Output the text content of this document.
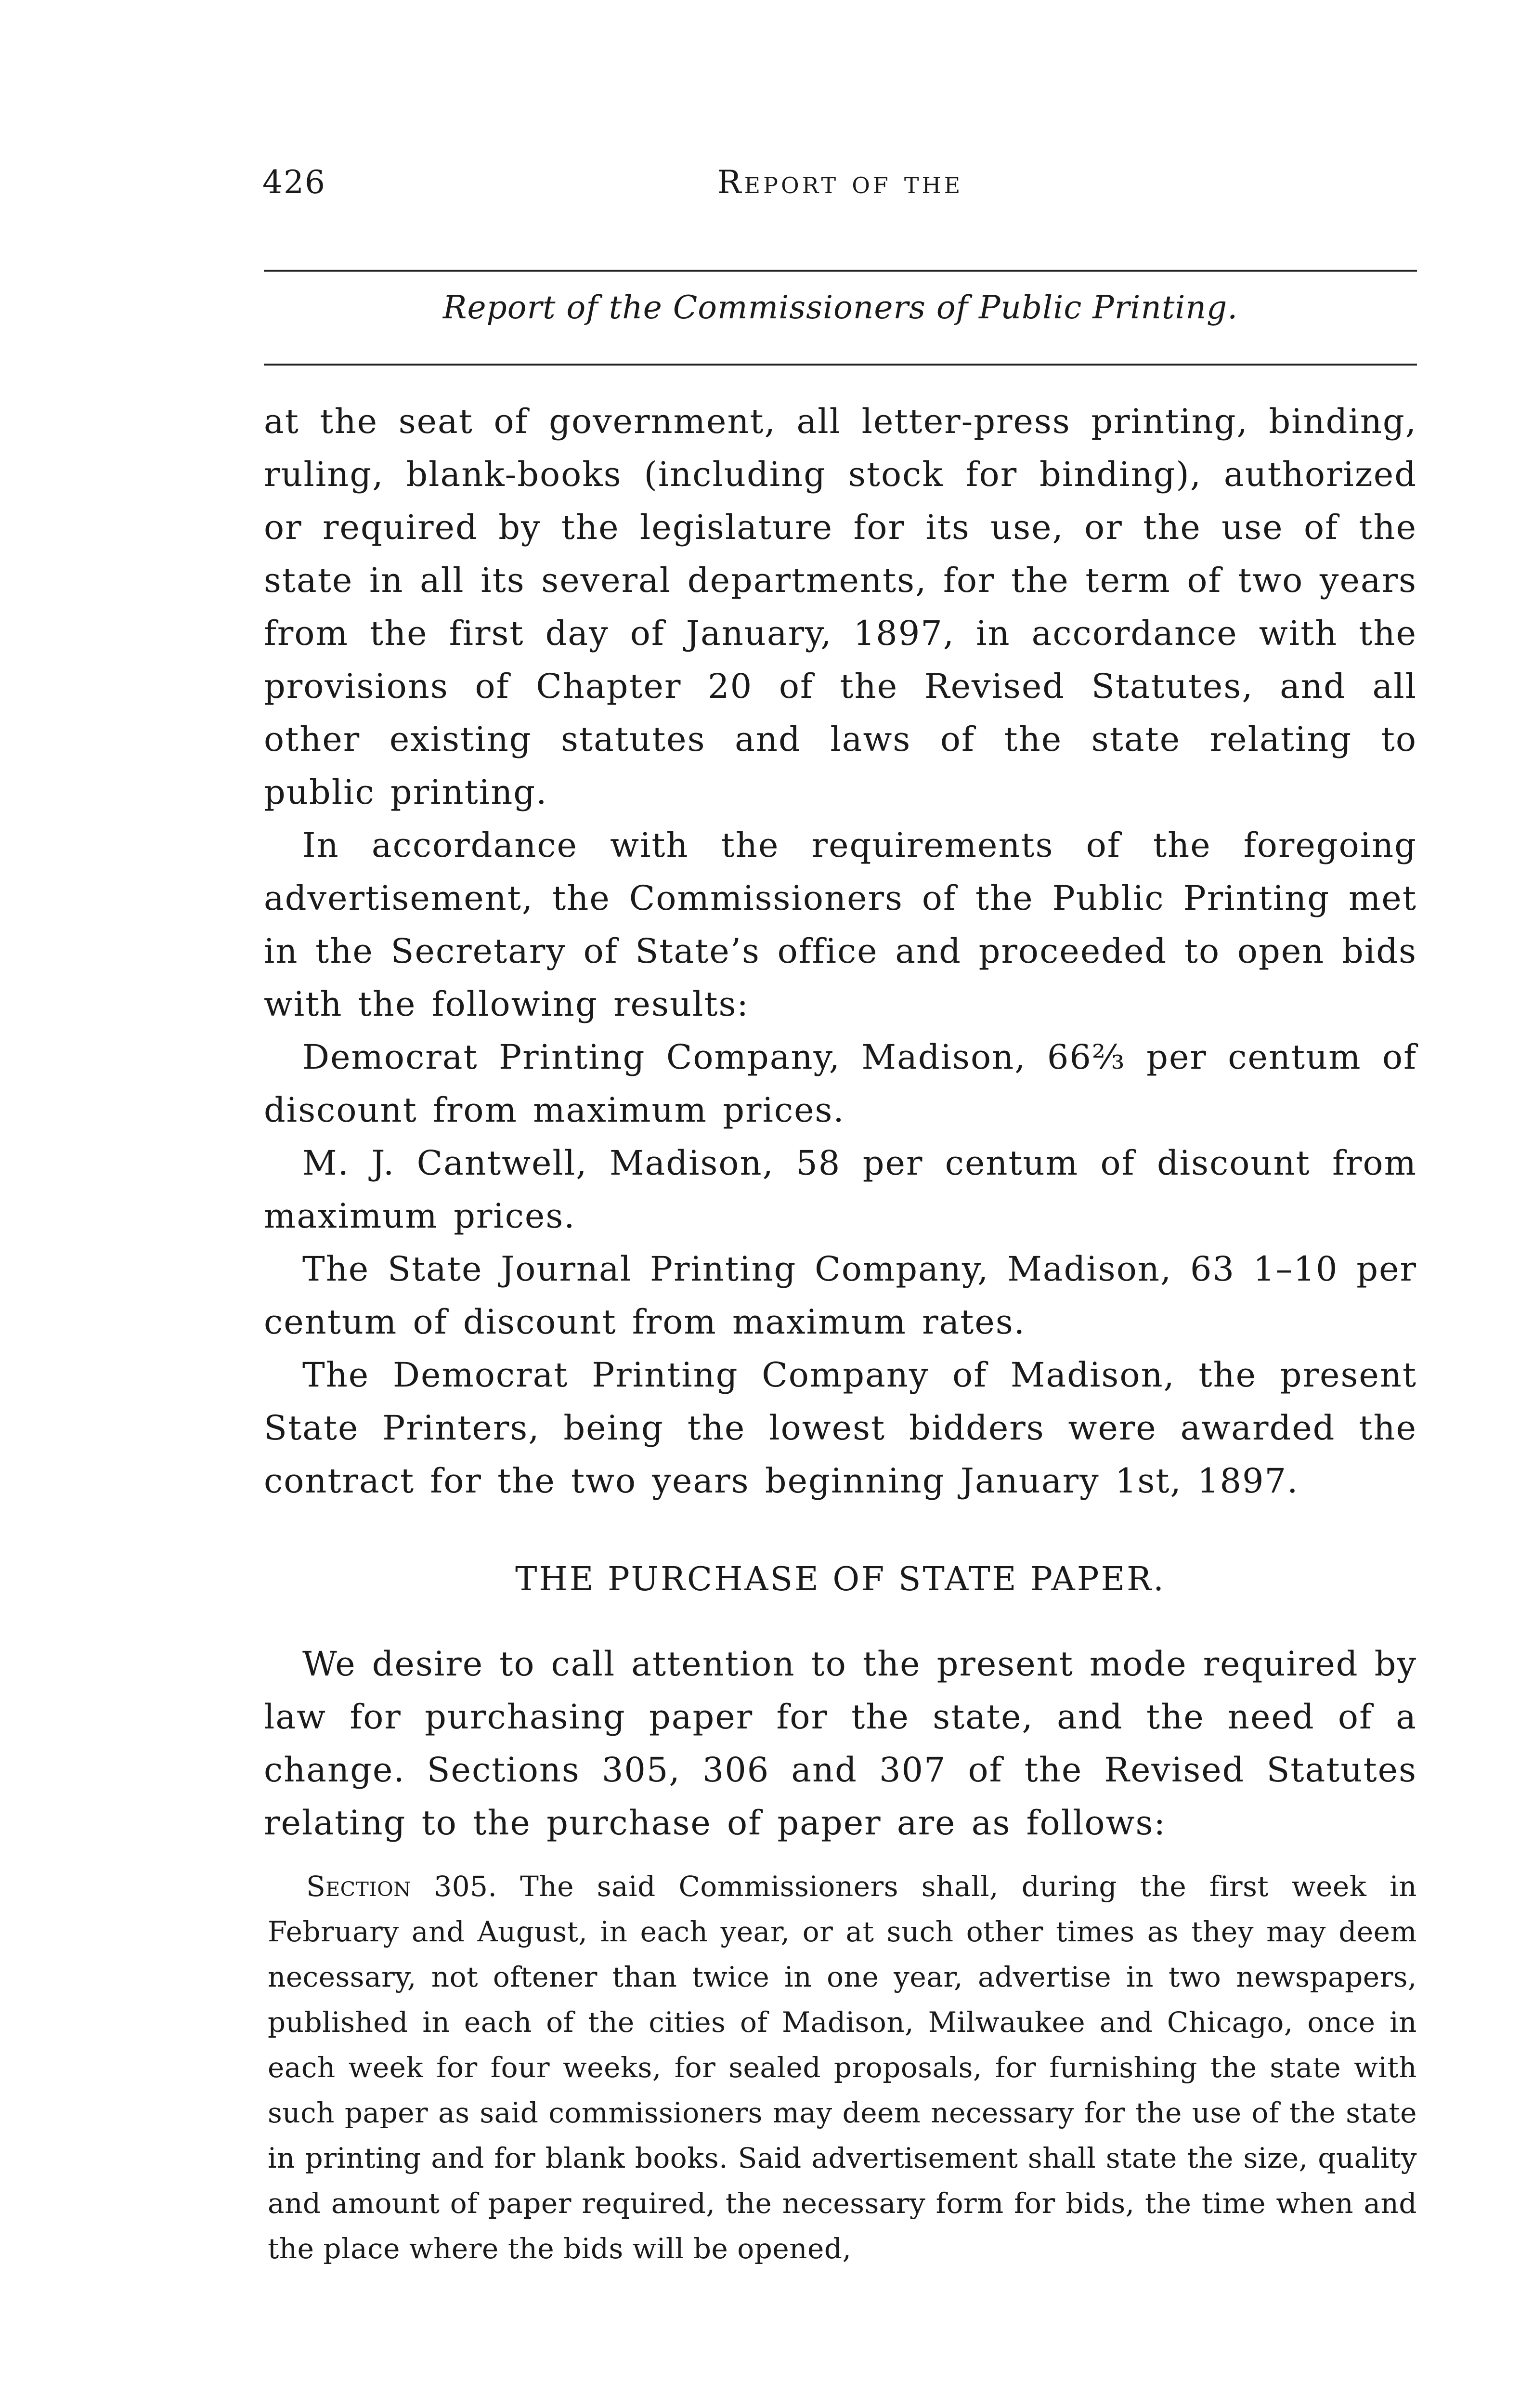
426	Report of the
Report of the Commissioners of Public Printing.

at the seat of government, all letter-press printing, binding, ruling, blank-books (including stock for binding), authorized or required by the legislature for its use, or the use of the state in all its several departments, for the term of two years from the first day of January, 1897, in accordance with the provisions of Chapter 20 of the Revised Statutes, and all other existing statutes and laws of the state relating to public printing.

In accordance with the requirements of the foregoing advertisement, the Commissioners of the Public Printing met in the Secretary of State’s office and proceeded to open bids with the following results:

Democrat Printing Company, Madison, 66⅔ per centum of discount from maximum prices.

M. J. Cantwell, Madison, 58 per centum of discount from maximum prices.

The State Journal Printing Company, Madison, 63 1–10 per centum of discount from maximum rates.

The Democrat Printing Company of Madison, the present State Printers, being the lowest bidders were awarded the contract for the two years beginning January 1st, 1897.

THE PURCHASE OF STATE PAPER.

We desire to call attention to the present mode required by law for purchasing paper for the state, and the need of a change. Sections 305, 306 and 307 of the Revised Statutes relating to the purchase of paper are as follows:

Section 305. The said Commissioners shall, during the first week in February and August, in each year, or at such other times as they may deem necessary, not oftener than twice in one year, advertise in two newspapers, published in each of the cities of Madison, Milwaukee and Chicago, once in each week for four weeks, for sealed proposals, for furnishing the state with such paper as said commissioners may deem necessary for the use of the state in printing and for blank books. Said advertisement shall state the size, quality and amount of paper required, the necessary form for bids, the time when and the place where the bids will be opened,
